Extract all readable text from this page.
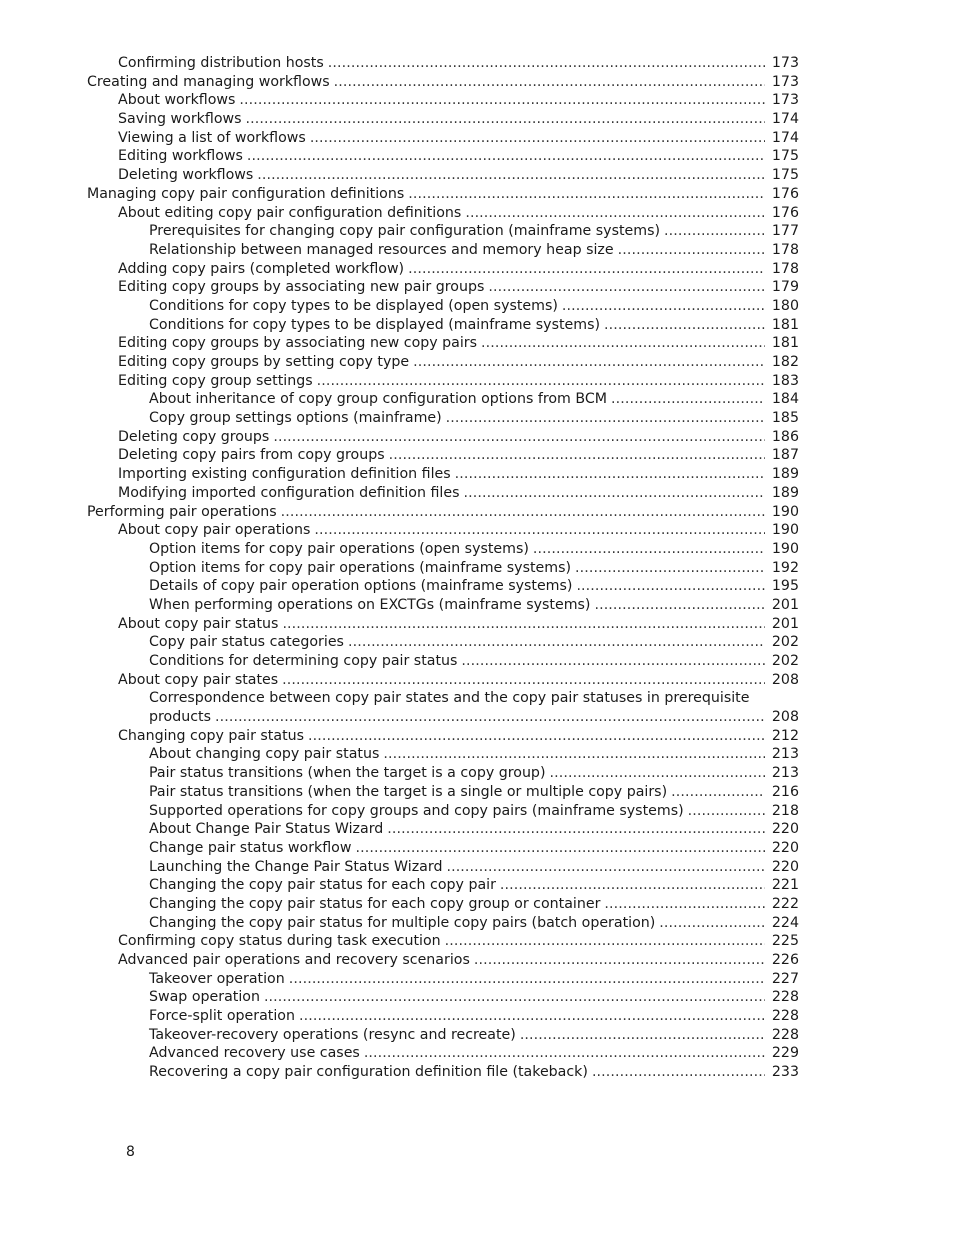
Confirming distribution hosts . . .	173
Creating and managing workflows . . .	173
About workflows . . .	173
Saving workflows . . .	174
Viewing a list of workflows . . .	174
Editing workflows . . .	175
Deleting workflows . . .	175
Managing copy pair configuration definitions . . .	176
About editing copy pair configuration definitions . . .	176
Prerequisites for changing copy pair configuration (mainframe systems) . . .	177
Relationship between managed resources and memory heap size . . .	178
Adding copy pairs (completed workflow) . . .	178
Editing copy groups by associating new pair groups . . .	179
Conditions for copy types to be displayed (open systems) . . .	180
Conditions for copy types to be displayed (mainframe systems) . . .	181
Editing copy groups by associating new copy pairs . . .	181
Editing copy groups by setting copy type . . .	182
Editing copy group settings . . .	183
About inheritance of copy group configuration options from BCM . . .	184
Copy group settings options (mainframe) . . .	185
Deleting copy groups . . .	186
Deleting copy pairs from copy groups . . .	187
Importing existing configuration definition files . . .	189
Modifying imported configuration definition files . . .	189
Performing pair operations . . .	190
About copy pair operations . . .	190
Option items for copy pair operations (open systems) . . .	190
Option items for copy pair operations (mainframe systems) . . .	192
Details of copy pair operation options (mainframe systems) . . .	195
When performing operations on EXCTGs (mainframe systems) . . .	201
About copy pair status . . .	201
Copy pair status categories . . .	202
Conditions for determining copy pair status . . .	202
About copy pair states . . .	208
Correspondence between copy pair states and the copy pair statuses in prerequisite
products . . .	208
Changing copy pair status . . .	212
About changing copy pair status . . .	213
Pair status transitions (when the target is a copy group) . . .	213
Pair status transitions (when the target is a single or multiple copy pairs) . . .	216
Supported operations for copy groups and copy pairs (mainframe systems) . . .	218
About Change Pair Status Wizard . . .	220
Change pair status workflow . . .	220
Launching the Change Pair Status Wizard . . .	220
Changing the copy pair status for each copy pair . . .	221
Changing the copy pair status for each copy group or container . . .	222
Changing the copy pair status for multiple copy pairs (batch operation) . . .	224
Confirming copy status during task execution . . .	225
Advanced pair operations and recovery scenarios . . .	226
Takeover operation . . .	227
Swap operation . . .	228
Force-split operation . . .	228
Takeover-recovery operations (resync and recreate) . . .	228
Advanced recovery use cases . . .	229
Recovering a copy pair configuration definition file (takeback) . . .	233
8
